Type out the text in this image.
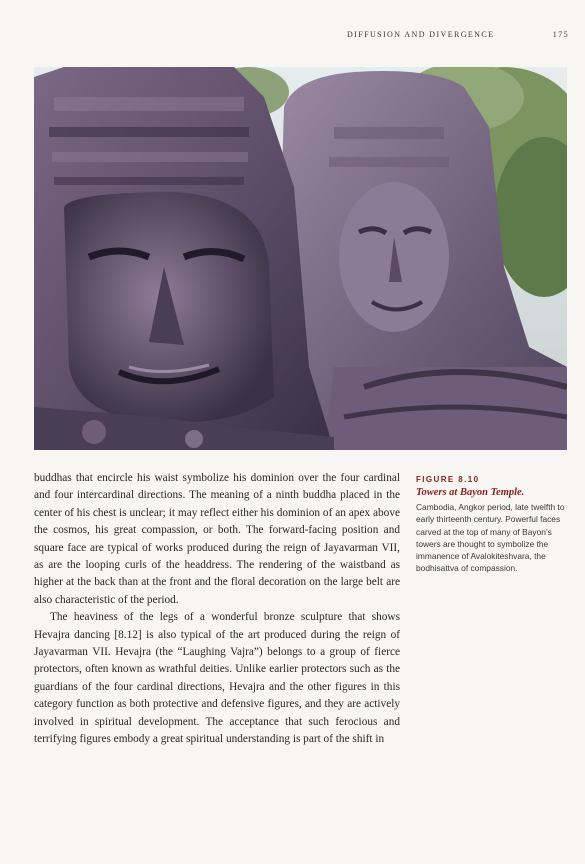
DIFFUSION AND DIVERGENCE	175

buddhas that encircle his waist symbolize his dominion over the four cardinal and four intercardinal directions. The meaning of a ninth buddha placed in the center of his chest is unclear; it may reflect either his dominion of an apex above the cosmos, his great compassion, or both. The forward-facing position and square face are typical of works produced during the reign of Jayavarman VII, as are the looping curls of the headdress. The rendering of the waistband as higher at the back than at the front and the floral decoration on the large belt are also characteristic of the period.

The heaviness of the legs of a wonderful bronze sculpture that shows Hevajra dancing [8.12] is also typical of the art produced during the reign of Jayavarman VII. Hevajra (the “Laughing Vajra”) belongs to a group of fierce protectors, often known as wrathful deities. Unlike earlier protectors such as the guardians of the four cardinal directions, Hevajra and the other figures in this category function as both protective and defensive figures, and they are actively involved in spiritual development. The acceptance that such ferocious and terrifying figures embody a great spiritual understanding is part of the shift in

FIGURE 8.10
Towers at Bayon Temple.
Cambodia, Angkor period, late twelfth to early thirteenth century. Powerful faces carved at the top of many of Bayon’s towers are thought to symbolize the immanence of Avalokiteshvara, the bodhisattva of compassion.
